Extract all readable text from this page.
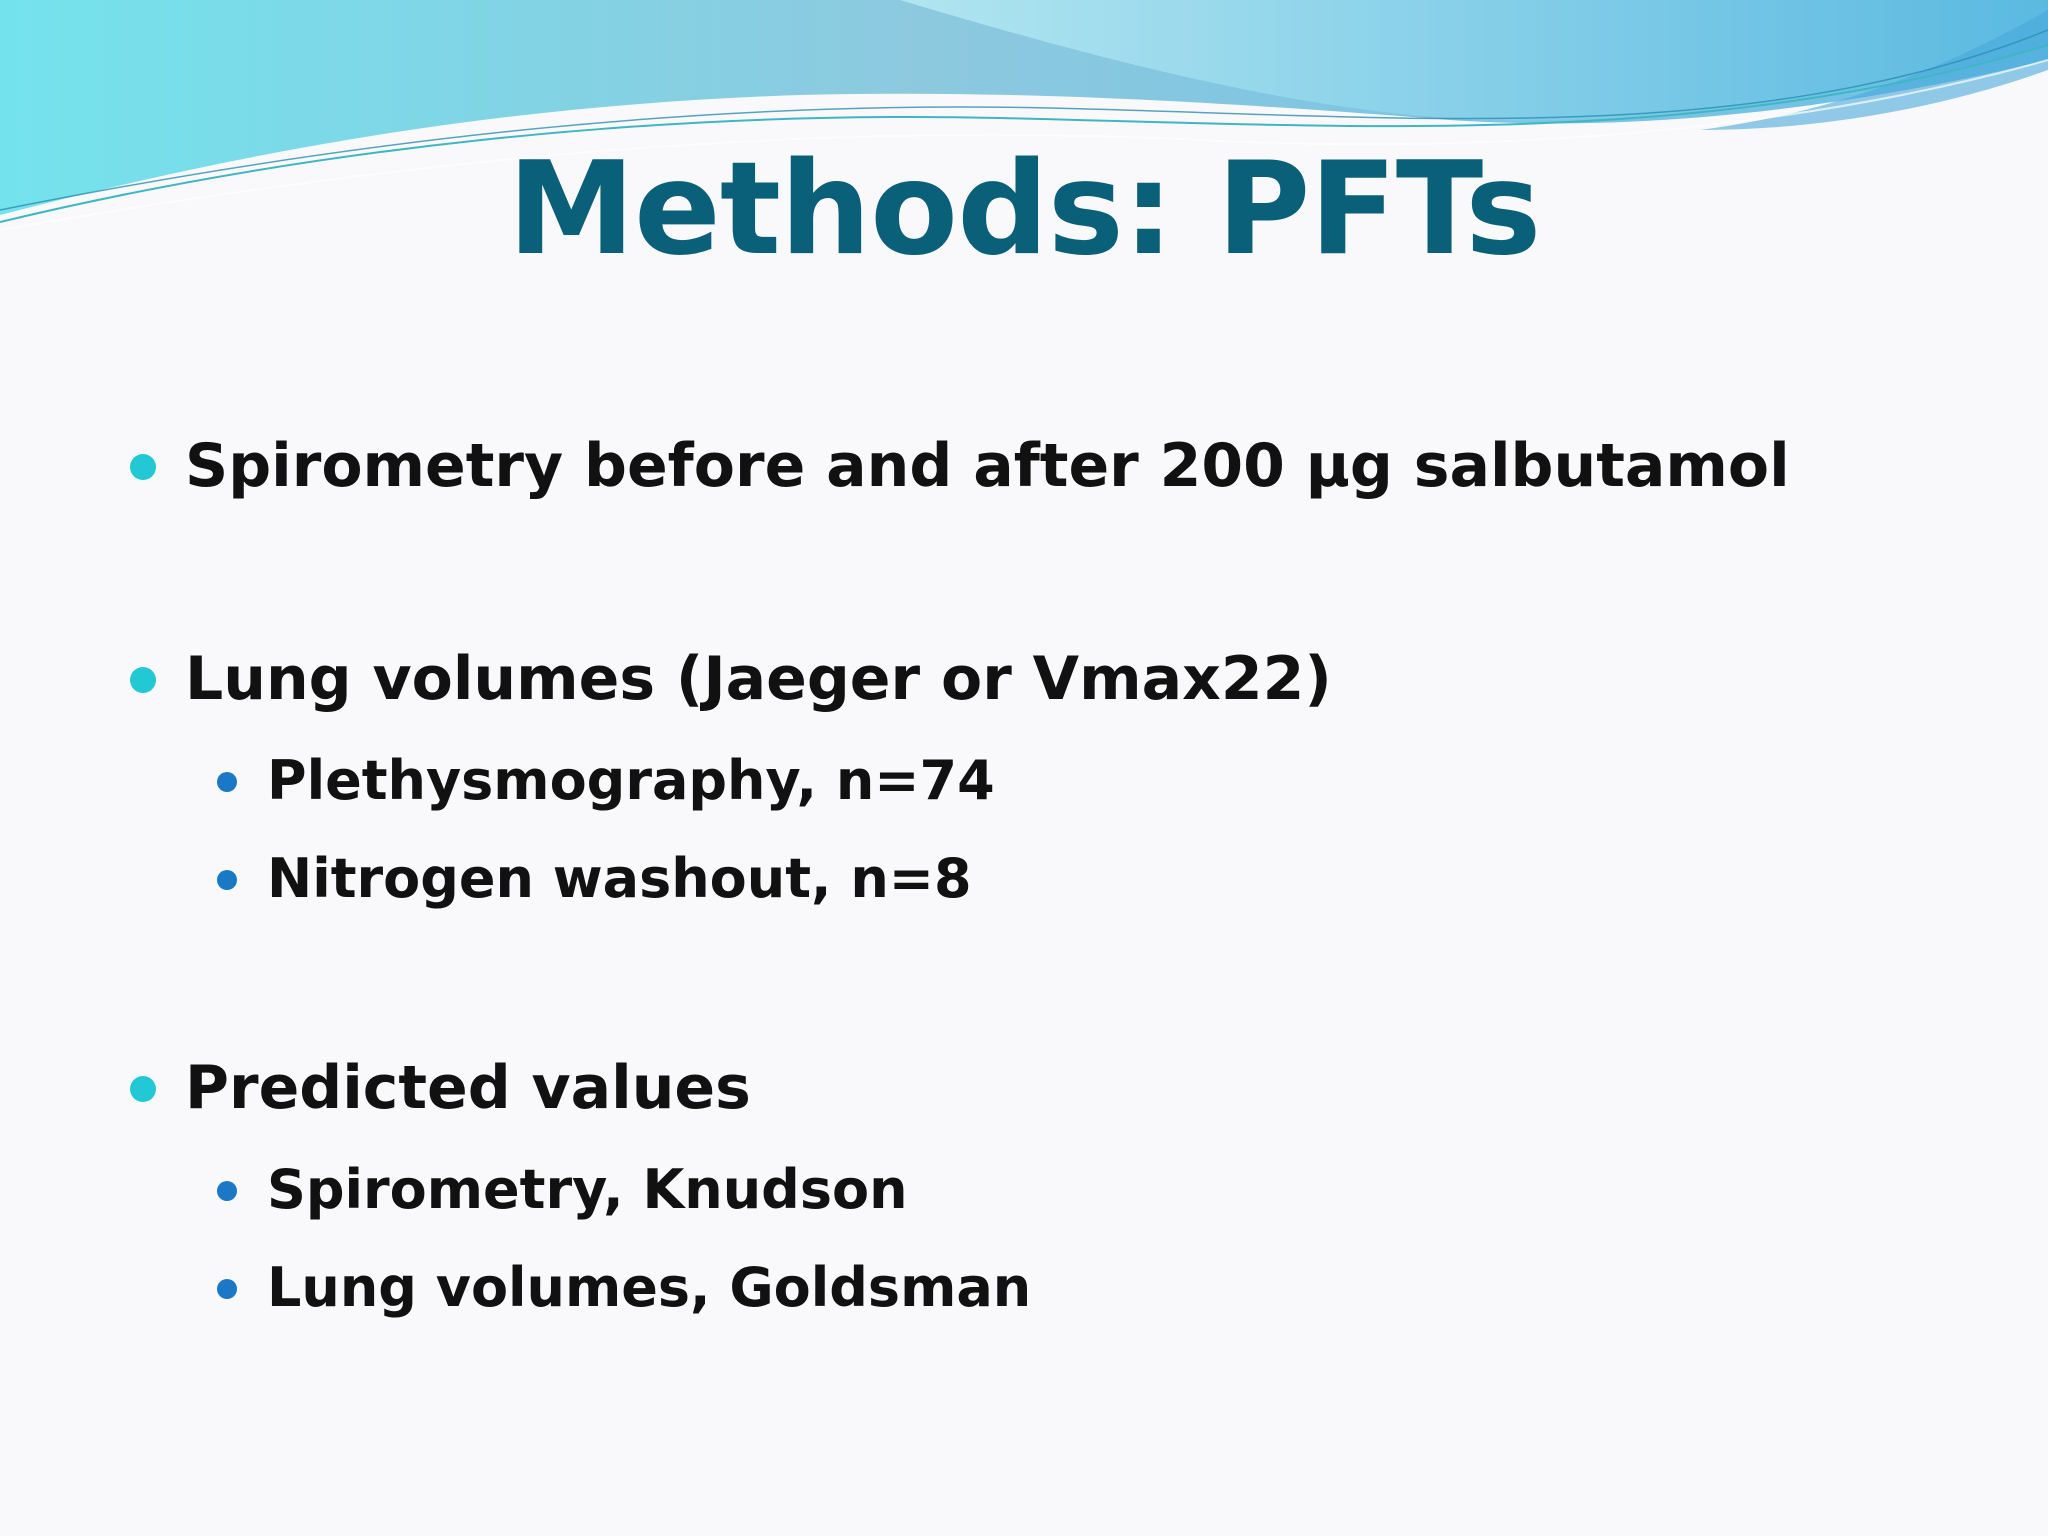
Methods: PFTs
Spirometry before and after 200 µg salbutamol
Lung volumes (Jaeger or Vmax22)
Plethysmography, n=74
Nitrogen washout, n=8
Predicted values
Spirometry, Knudson
Lung volumes, Goldsman
